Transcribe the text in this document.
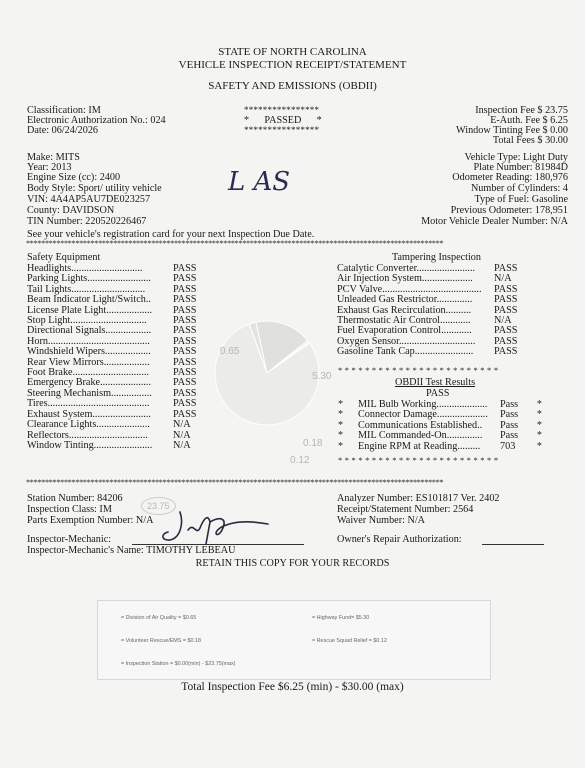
STATE OF NORTH CAROLINA
VEHICLE INSPECTION RECEIPT/STATEMENT
SAFETY AND EMISSIONS (OBDII)
Classification: IM
Electronic Authorization No.: 024
Date: 06/24/2026
****************
*      PASSED      *
****************
Inspection Fee $ 23.75
E-Auth. Fee $ 6.25
Window Tinting Fee $ 0.00
Total Fees $ 30.00
Make: MITS
Year: 2013
Engine Size (cc): 2400
Body Style: Sport/ utility vehicle
VIN: 4A4AP5AU7DE023257
County: DAVIDSON
TIN Number: 220520226467
Vehicle Type: Light Duty
Plate Number: 81984D
Odometer Reading: 180,976
Number of Cylinders: 4
Type of Fuel: Gasoline
Previous Odometer: 178,951
Motor Vehicle Dealer Number: N/A
L AS
See your vehicle's registration card for your next Inspection Due Date.
**************************************************************************************************************
0.65
5.30
0.18
0.12
Safety Equipment
Headlights............................	PASS
Parking Lights.........................	PASS
Tail Lights.............................	PASS
Beam Indicator Light/Switch..	PASS
License Plate Light..................	PASS
Stop Light..............................	PASS
Directional Signals..................	PASS
Horn........................................	PASS
Windshield Wipers..................	PASS
Rear View Mirrors..................	PASS
Foot Brake..............................	PASS
Emergency Brake....................	PASS
Steering Mechanism................	PASS
Tires........................................	PASS
Exhaust System.......................	PASS
Clearance Lights.....................	N/A
Reflectors...............................	N/A
Window Tinting.......................	N/A
Tampering Inspection
Catalytic Converter.......................	PASS
Air Injection System....................	N/A
PCV Valve.......................................	PASS
Unleaded Gas Restrictor..............	PASS
Exhaust Gas Recirculation..........	PASS
Thermostatic Air Control............	N/A
Fuel Evaporation Control............	PASS
Oxygen Sensor..............................	PASS
Gasoline Tank Cap.......................	PASS
* * * * * * * * * * * * * * * * * * * * * * * *
OBDII Test Results
PASS
*	MIL Bulb Working....................	Pass *
*	Connector Damage....................	Pass *
*	Communications Established..	Pass *
*	MIL Commanded-On..............	Pass *
*	Engine RPM at Reading.........	703 *
* * * * * * * * * * * * * * * * * * * * * * * *
**************************************************************************************************************
Station Number: 84206
Inspection Class: IM
Parts Exemption Number: N/A
23.75
Inspector-Mechanic:
Inspector-Mechanic's Name: TIMOTHY LEBEAU
Analyzer Number: ES101817 Ver. 2402
Receipt/Statement Number: 2564
Waiver Number: N/A
Owner's Repair Authorization:
RETAIN THIS COPY FOR YOUR RECORDS
= Division of Air Quality = $0.65	= Highway Fund= $5.30
= Volunteer Rescue/EMS = $0.18	= Rescue Squad Relief = $0.12
= Inspection Station = $0.00(min) - $23.75(max)
Total Inspection Fee $6.25 (min) - $30.00 (max)
